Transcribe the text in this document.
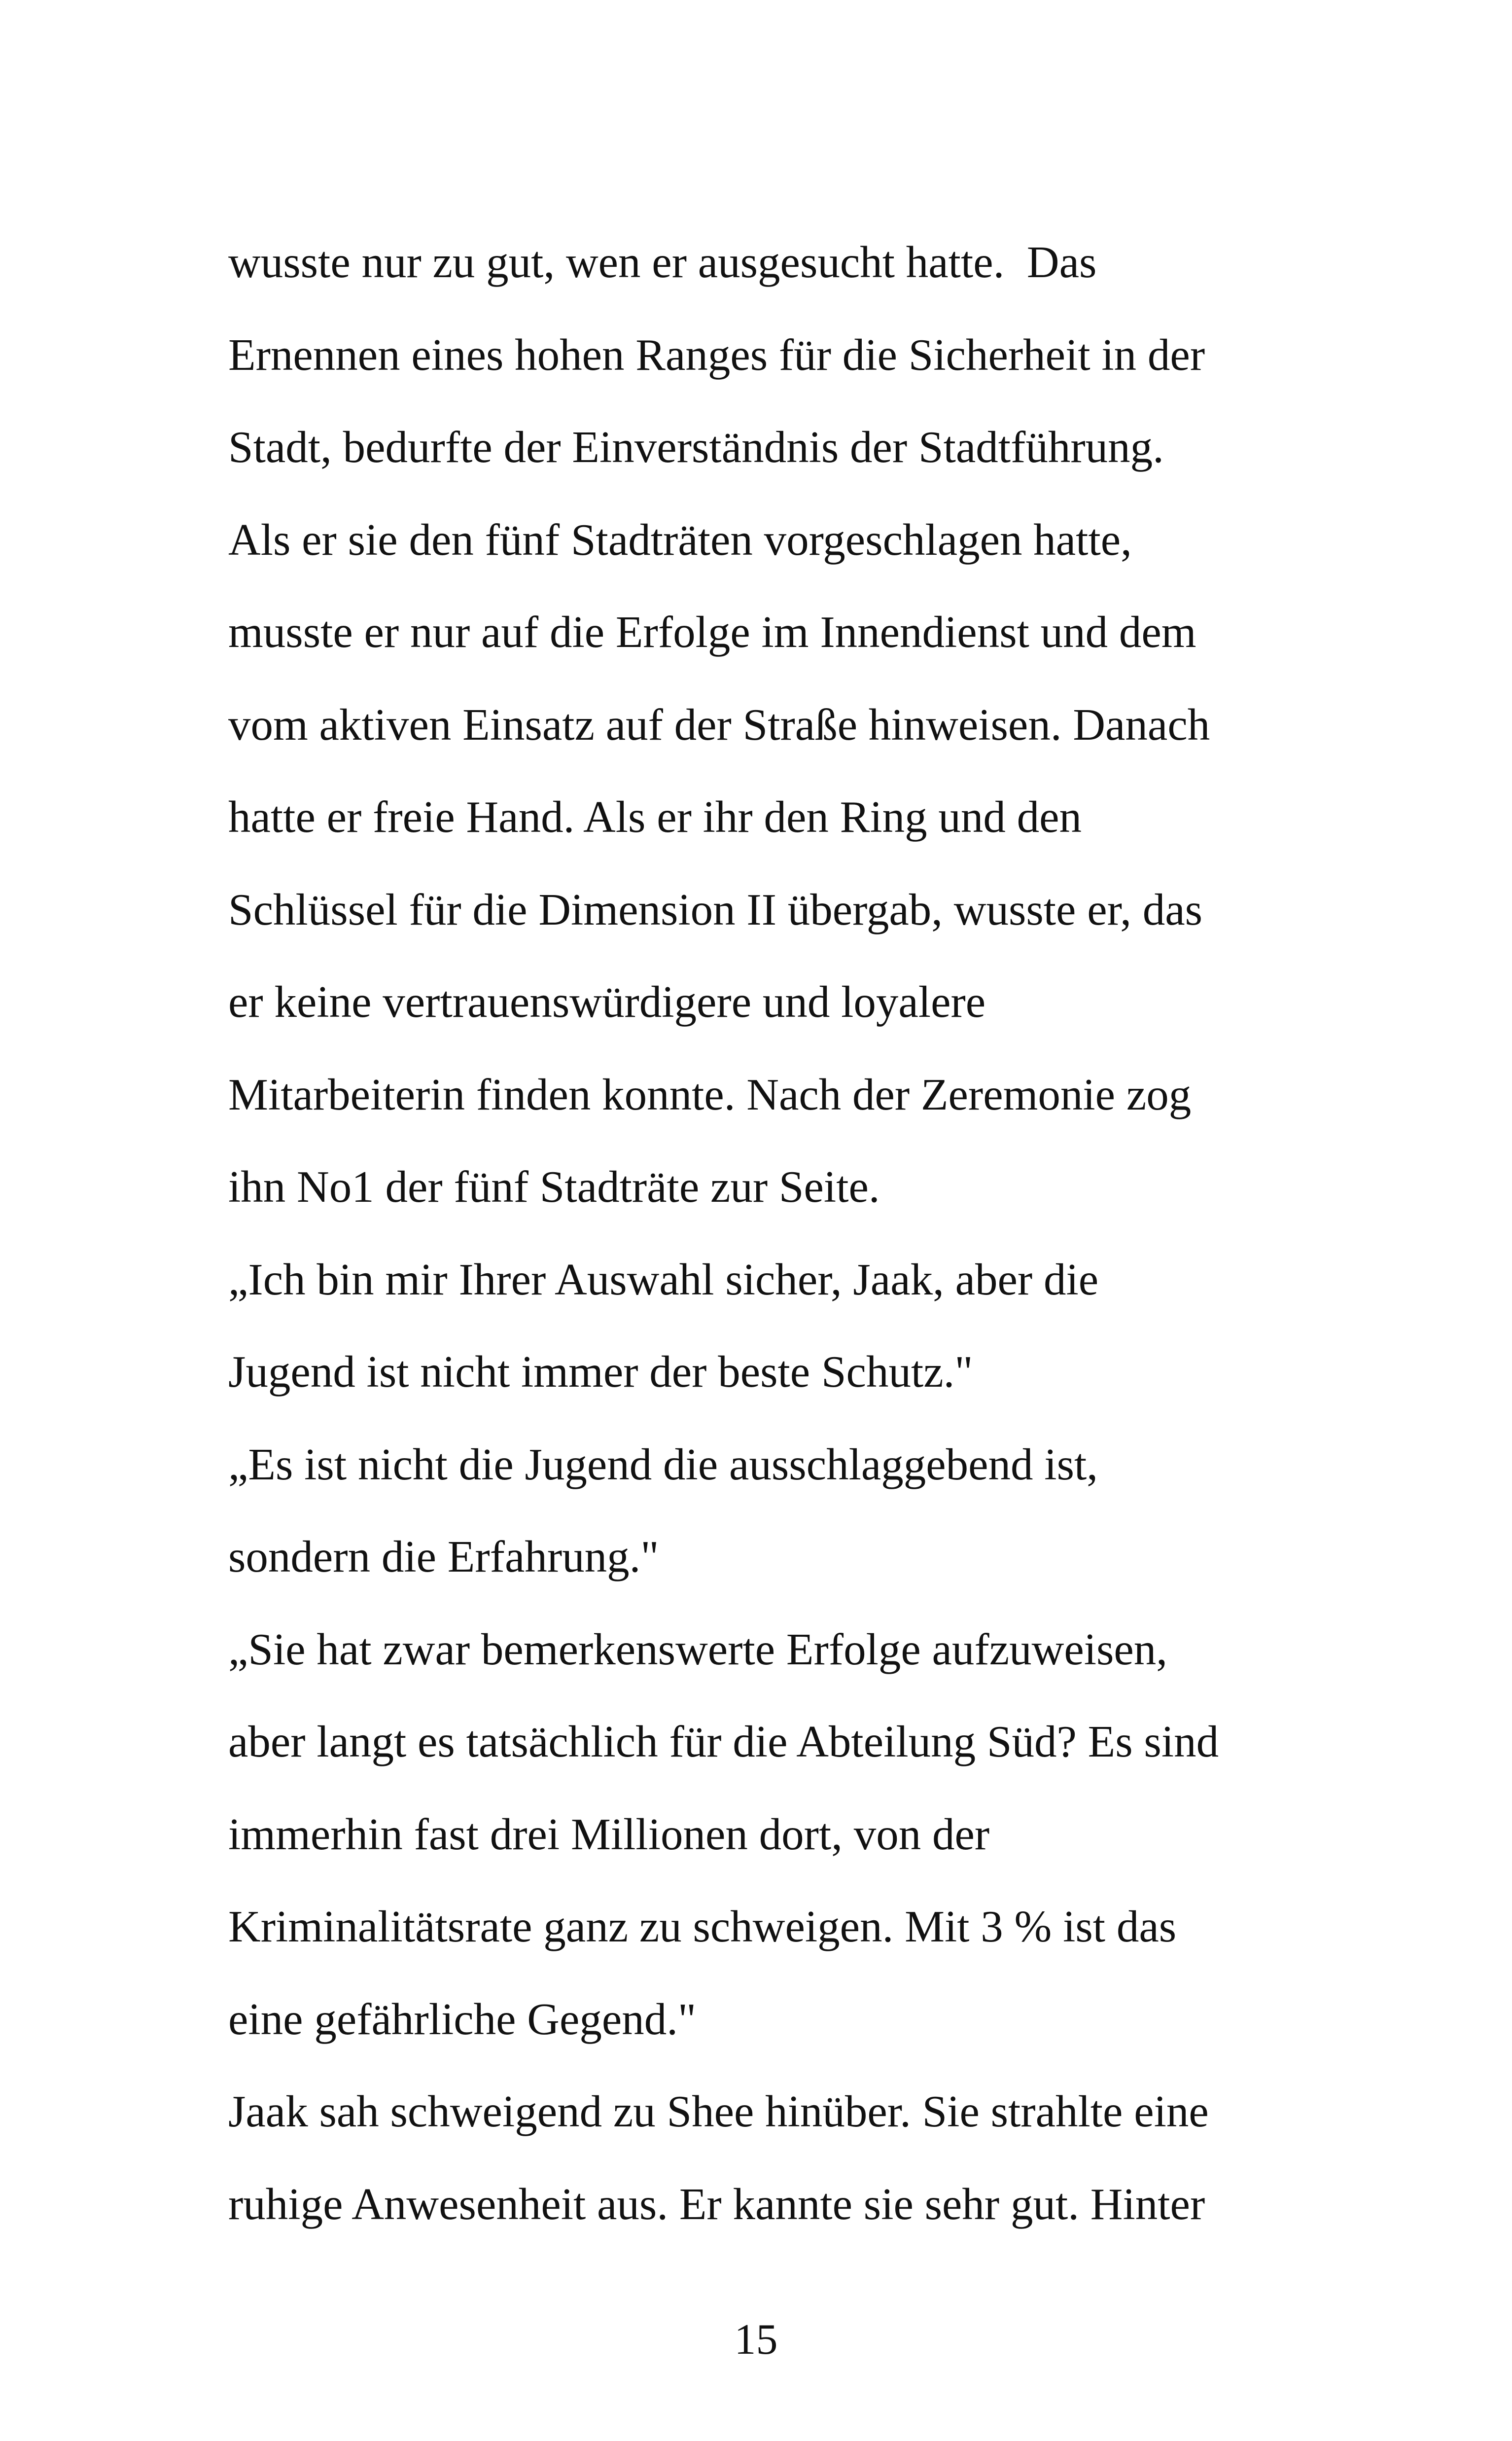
wusste nur zu gut, wen er ausgesucht hatte.  Das
Ernennen eines hohen Ranges für die Sicherheit in der
Stadt, bedurfte der Einverständnis der Stadtführung.
Als er sie den fünf Stadträten vorgeschlagen hatte,
musste er nur auf die Erfolge im Innendienst und dem
vom aktiven Einsatz auf der Straße hinweisen. Danach
hatte er freie Hand. Als er ihr den Ring und den
Schlüssel für die Dimension II übergab, wusste er, das
er keine vertrauenswürdigere und loyalere
Mitarbeiterin finden konnte. Nach der Zeremonie zog
ihn No1 der fünf Stadträte zur Seite.
„Ich bin mir Ihrer Auswahl sicher, Jaak, aber die
Jugend ist nicht immer der beste Schutz."
„Es ist nicht die Jugend die ausschlaggebend ist,
sondern die Erfahrung."
„Sie hat zwar bemerkenswerte Erfolge aufzuweisen,
aber langt es tatsächlich für die Abteilung Süd? Es sind
immerhin fast drei Millionen dort, von der
Kriminalitätsrate ganz zu schweigen. Mit 3 % ist das
eine gefährliche Gegend."
Jaak sah schweigend zu Shee hinüber. Sie strahlte eine
ruhige Anwesenheit aus. Er kannte sie sehr gut. Hinter
15
